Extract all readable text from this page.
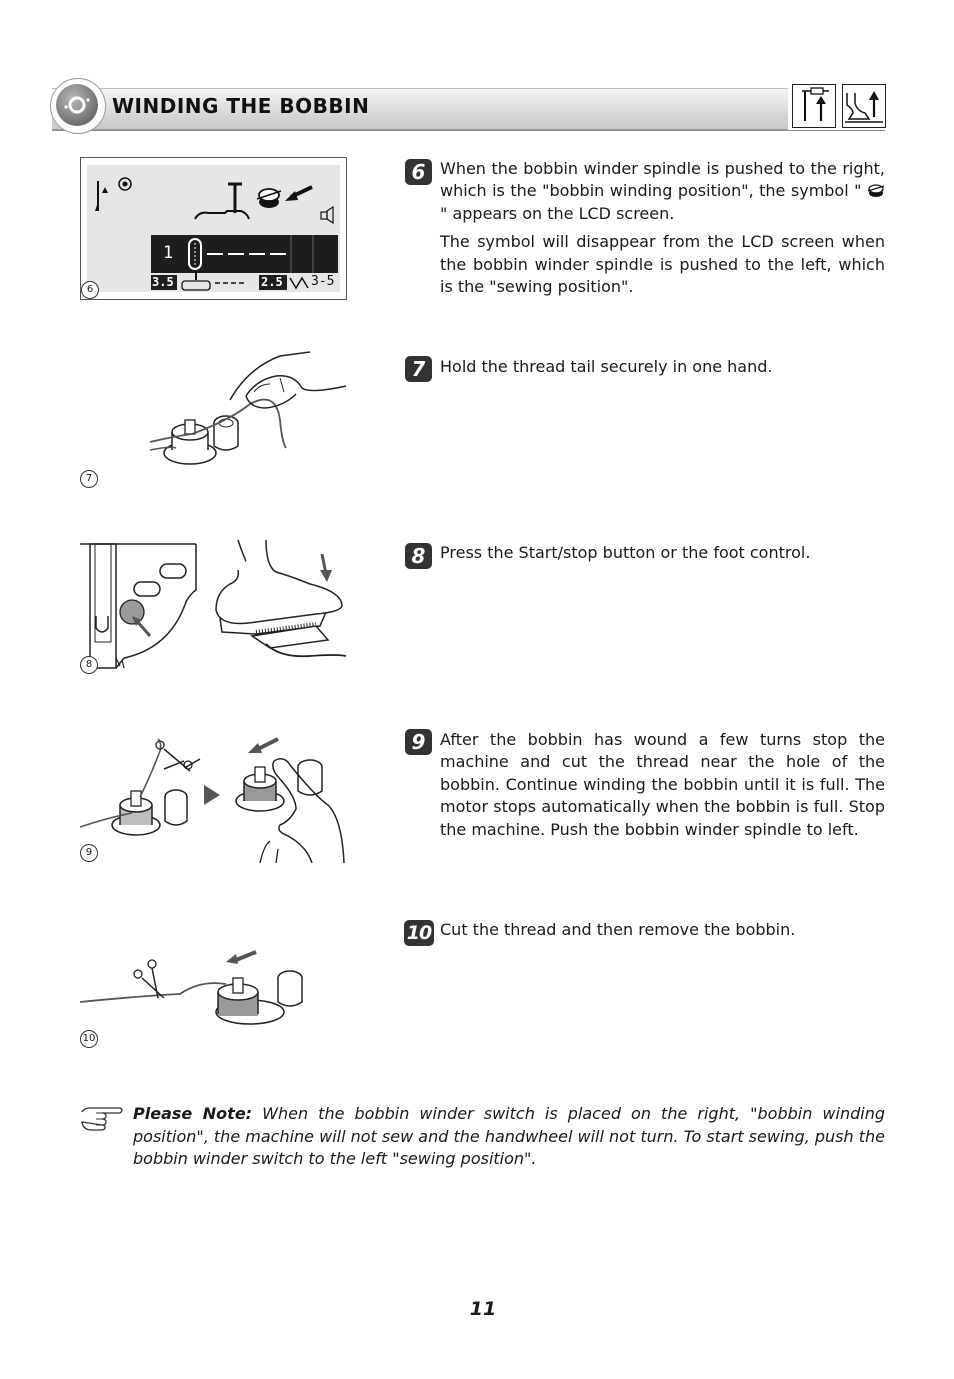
WINDING THE BOBBIN
1
3.5	2.5 3-5
6
7
8
9
10
6 When the bobbin winder spindle is pushed to the right, which is the "bobbin winding position", the symbol " " appears on the LCD screen.

The symbol will disappear from the LCD screen when the bobbin winder spindle is pushed to the left, which is the "sewing position".

7 Hold the thread tail securely in one hand.
8 Press the Start/stop button or the foot control.
9 After the bobbin has wound a few turns stop the machine and cut the thread near the hole of the bobbin. Continue winding the bobbin until it is full. The motor stops automatically when the bobbin is full. Stop the machine. Push the bobbin winder spindle to left.
10 Cut the thread and then remove the bobbin.
Please Note: When the bobbin winder switch is placed on the right, "bobbin winding position", the machine will not sew and the handwheel will not turn. To start sewing, push the bobbin winder switch to the left "sewing position".
11
